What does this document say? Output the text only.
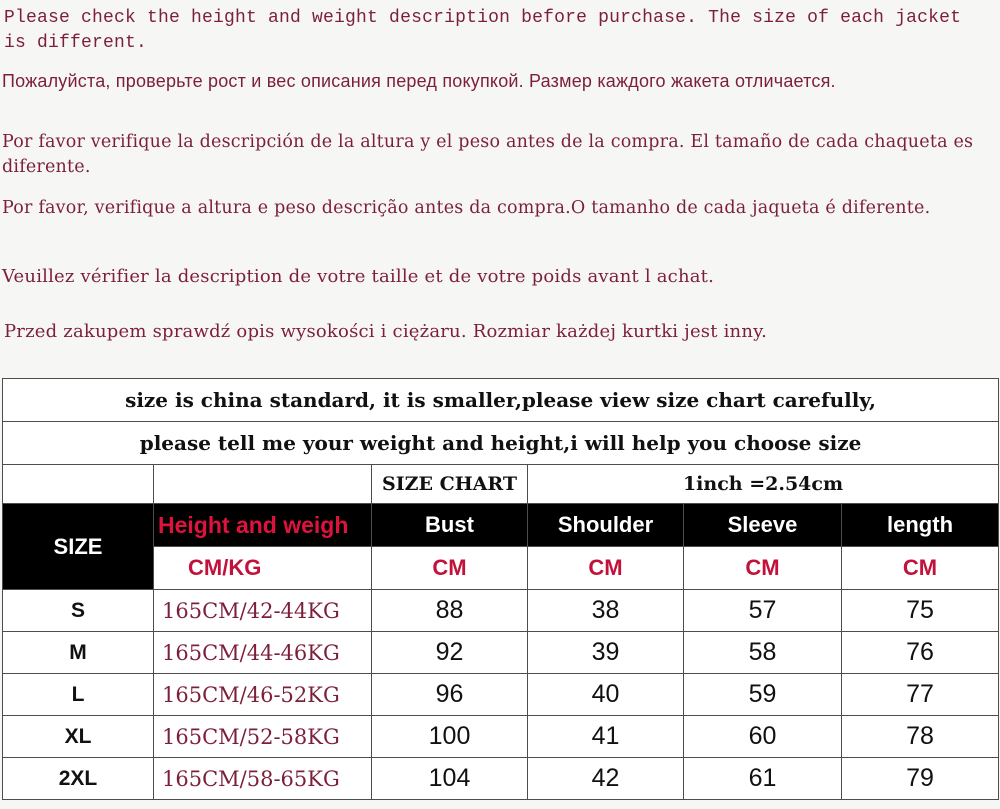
Please check the height and weight description before purchase. The size of each jacket is different.
Пожалуйста, проверьте рост и вес описания перед покупкой. Размер каждого жакета отличается.
Por favor verifique la descripción de la altura y el peso antes de la compra. El tamaño de cada chaqueta es diferente.
Por favor, verifique a altura e peso descrição antes da compra.O tamanho de cada jaqueta é diferente.
Veuillez vérifier la description de votre taille et de votre poids avant l achat.
Przed zakupem sprawdź opis wysokości i ciężaru. Rozmiar każdej kurtki jest inny.
size is china standard, it is smaller,please view size chart carefully,					
please tell me your weight and height,i will help you choose size					
		SIZE CHART	1inch =2.54cm		
SIZE	Height and weigh	Bust	Shoulder	Sleeve	length
	CM/KG	CM	CM	CM	CM
S	165CM/42-44KG	88	38	57	75
M	165CM/44-46KG	92	39	58	76
L	165CM/46-52KG	96	40	59	77
XL	165CM/52-58KG	100	41	60	78
2XL	165CM/58-65KG	104	42	61	79
